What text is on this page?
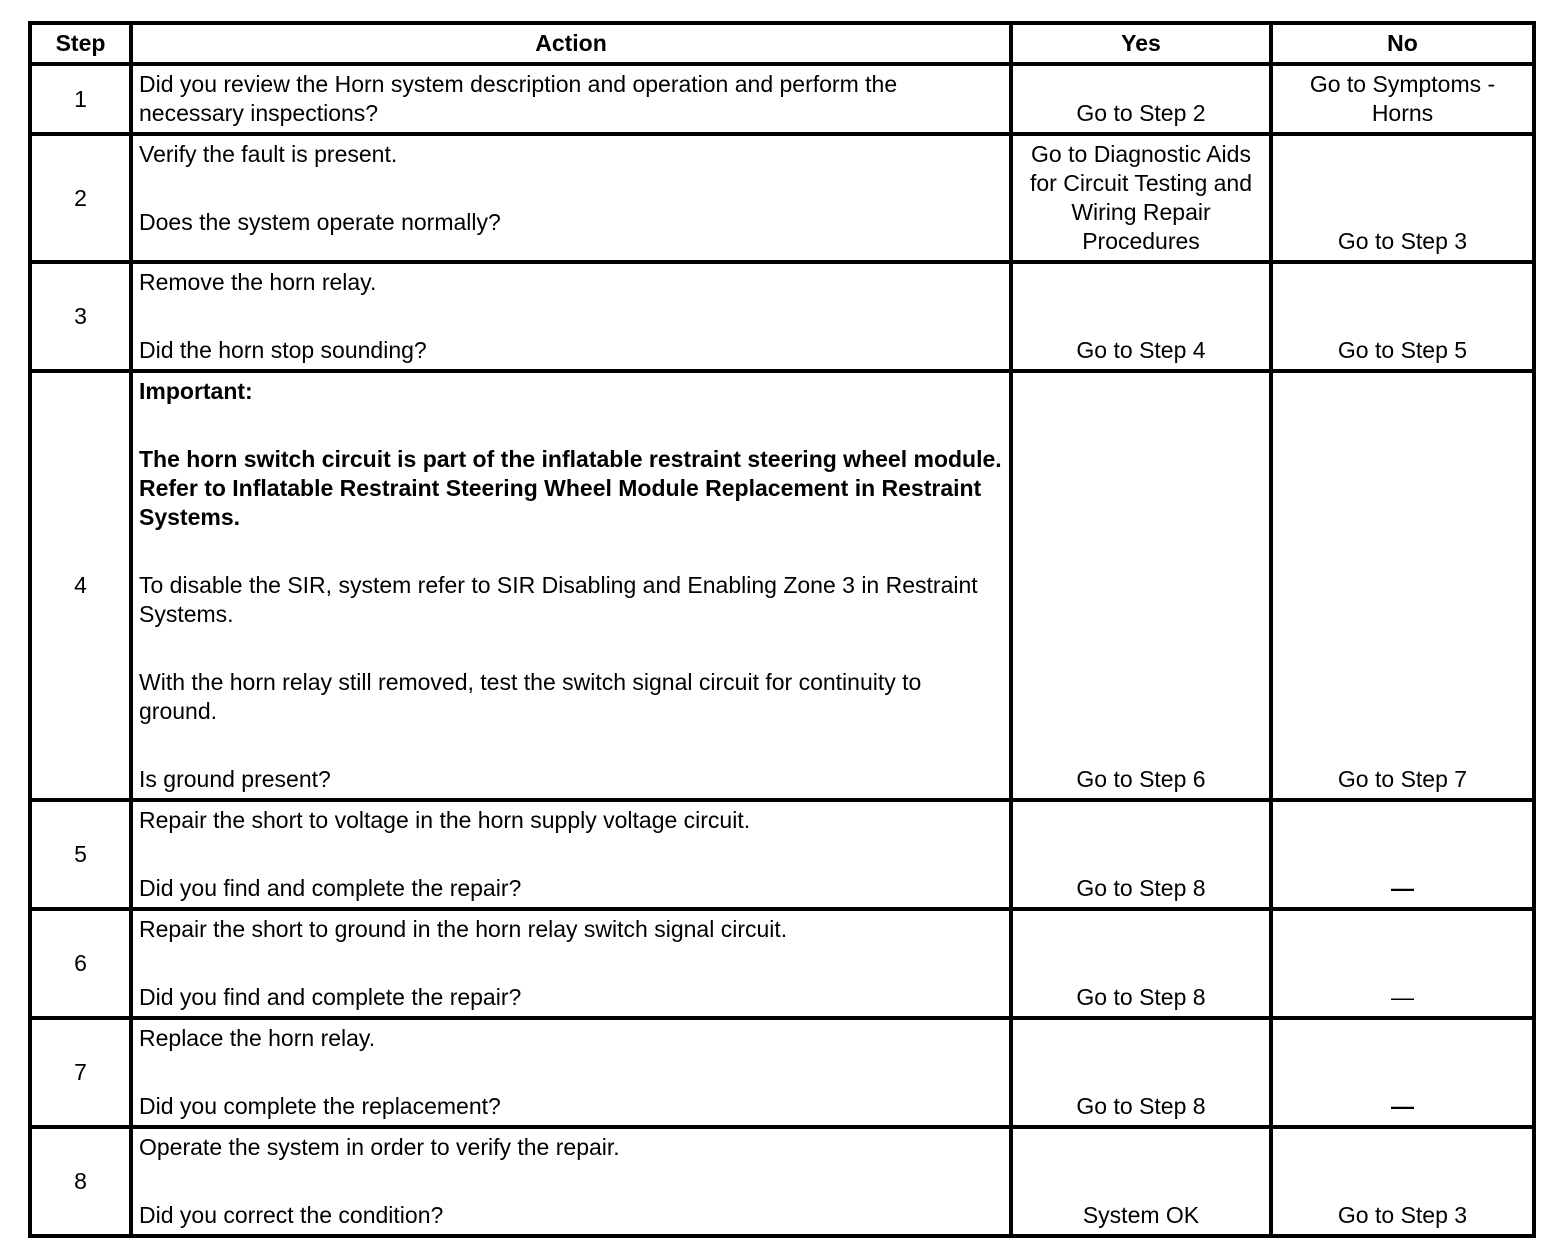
Step	Action	Yes	No
1	Did you review the Horn system description and operation and perform the necessary inspections?	Go to Step 2	Go to Symptoms - Horns
2	Verify the fault is present.

Does the system operate normally?	Go to Diagnostic Aids for Circuit Testing and Wiring Repair Procedures	Go to Step 3
3	Remove the horn relay.

Did the horn stop sounding?	Go to Step 4	Go to Step 5
4	Important:

The horn switch circuit is part of the inflatable restraint steering wheel module. Refer to Inflatable Restraint Steering Wheel Module Replacement in Restraint Systems.

To disable the SIR, system refer to SIR Disabling and Enabling Zone 3 in Restraint Systems.

With the horn relay still removed, test the switch signal circuit for continuity to ground.

Is ground present?	Go to Step 6	Go to Step 7
5	Repair the short to voltage in the horn supply voltage circuit.

Did you find and complete the repair?	Go to Step 8	—
6	Repair the short to ground in the horn relay switch signal circuit.

Did you find and complete the repair?	Go to Step 8	—
7	Replace the horn relay.

Did you complete the replacement?	Go to Step 8	—
8	Operate the system in order to verify the repair.

Did you correct the condition?	System OK	Go to Step 3
